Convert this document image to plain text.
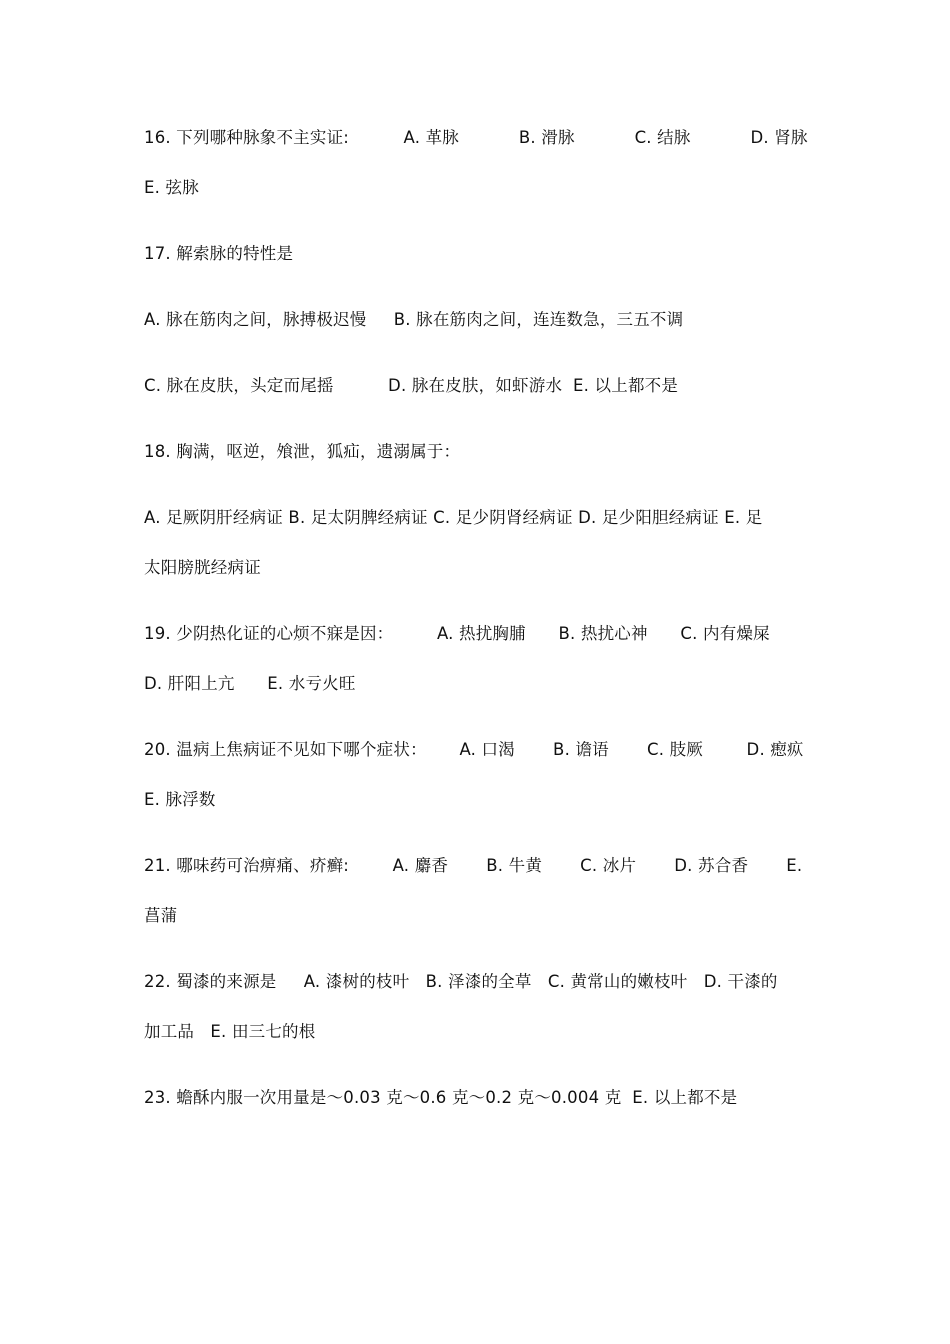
16. 下列哪种脉象不主实证:          A. 革脉           B. 滑脉           C. 结脉           D. 肾脉
E. 弦脉
17. 解索脉的特性是
A. 脉在筋肉之间，脉搏极迟慢     B. 脉在筋肉之间，连连数急，三五不调
C. 脉在皮肤，头定而尾摇          D. 脉在皮肤，如虾游水  E. 以上都不是
18. 胸满，呕逆，飧泄，狐疝，遗溺属于：
A. 足厥阴肝经病证 B. 足太阴脾经病证 C. 足少阴肾经病证 D. 足少阳胆经病证 E. 足
太阳膀胱经病证
19. 少阴热化证的心烦不寐是因：        A. 热扰胸脯      B. 热扰心神      C. 内有燥屎
D. 肝阳上亢      E. 水亏火旺
20. 温病上焦病证不见如下哪个症状：      A. 口渴       B. 谵语       C. 肢厥        D. 瘛疭
E. 脉浮数
21. 哪味药可治痹痛、疥癣:        A. 麝香       B. 牛黄       C. 冰片       D. 苏合香       E.
菖蒲
22. 蜀漆的来源是     A. 漆树的枝叶   B. 泽漆的全草   C. 黄常山的嫩枝叶   D. 干漆的
加工品   E. 田三七的根
23. 蟾酥内服一次用量是～0.03 克～0.6 克～0.2 克～0.004 克  E. 以上都不是
